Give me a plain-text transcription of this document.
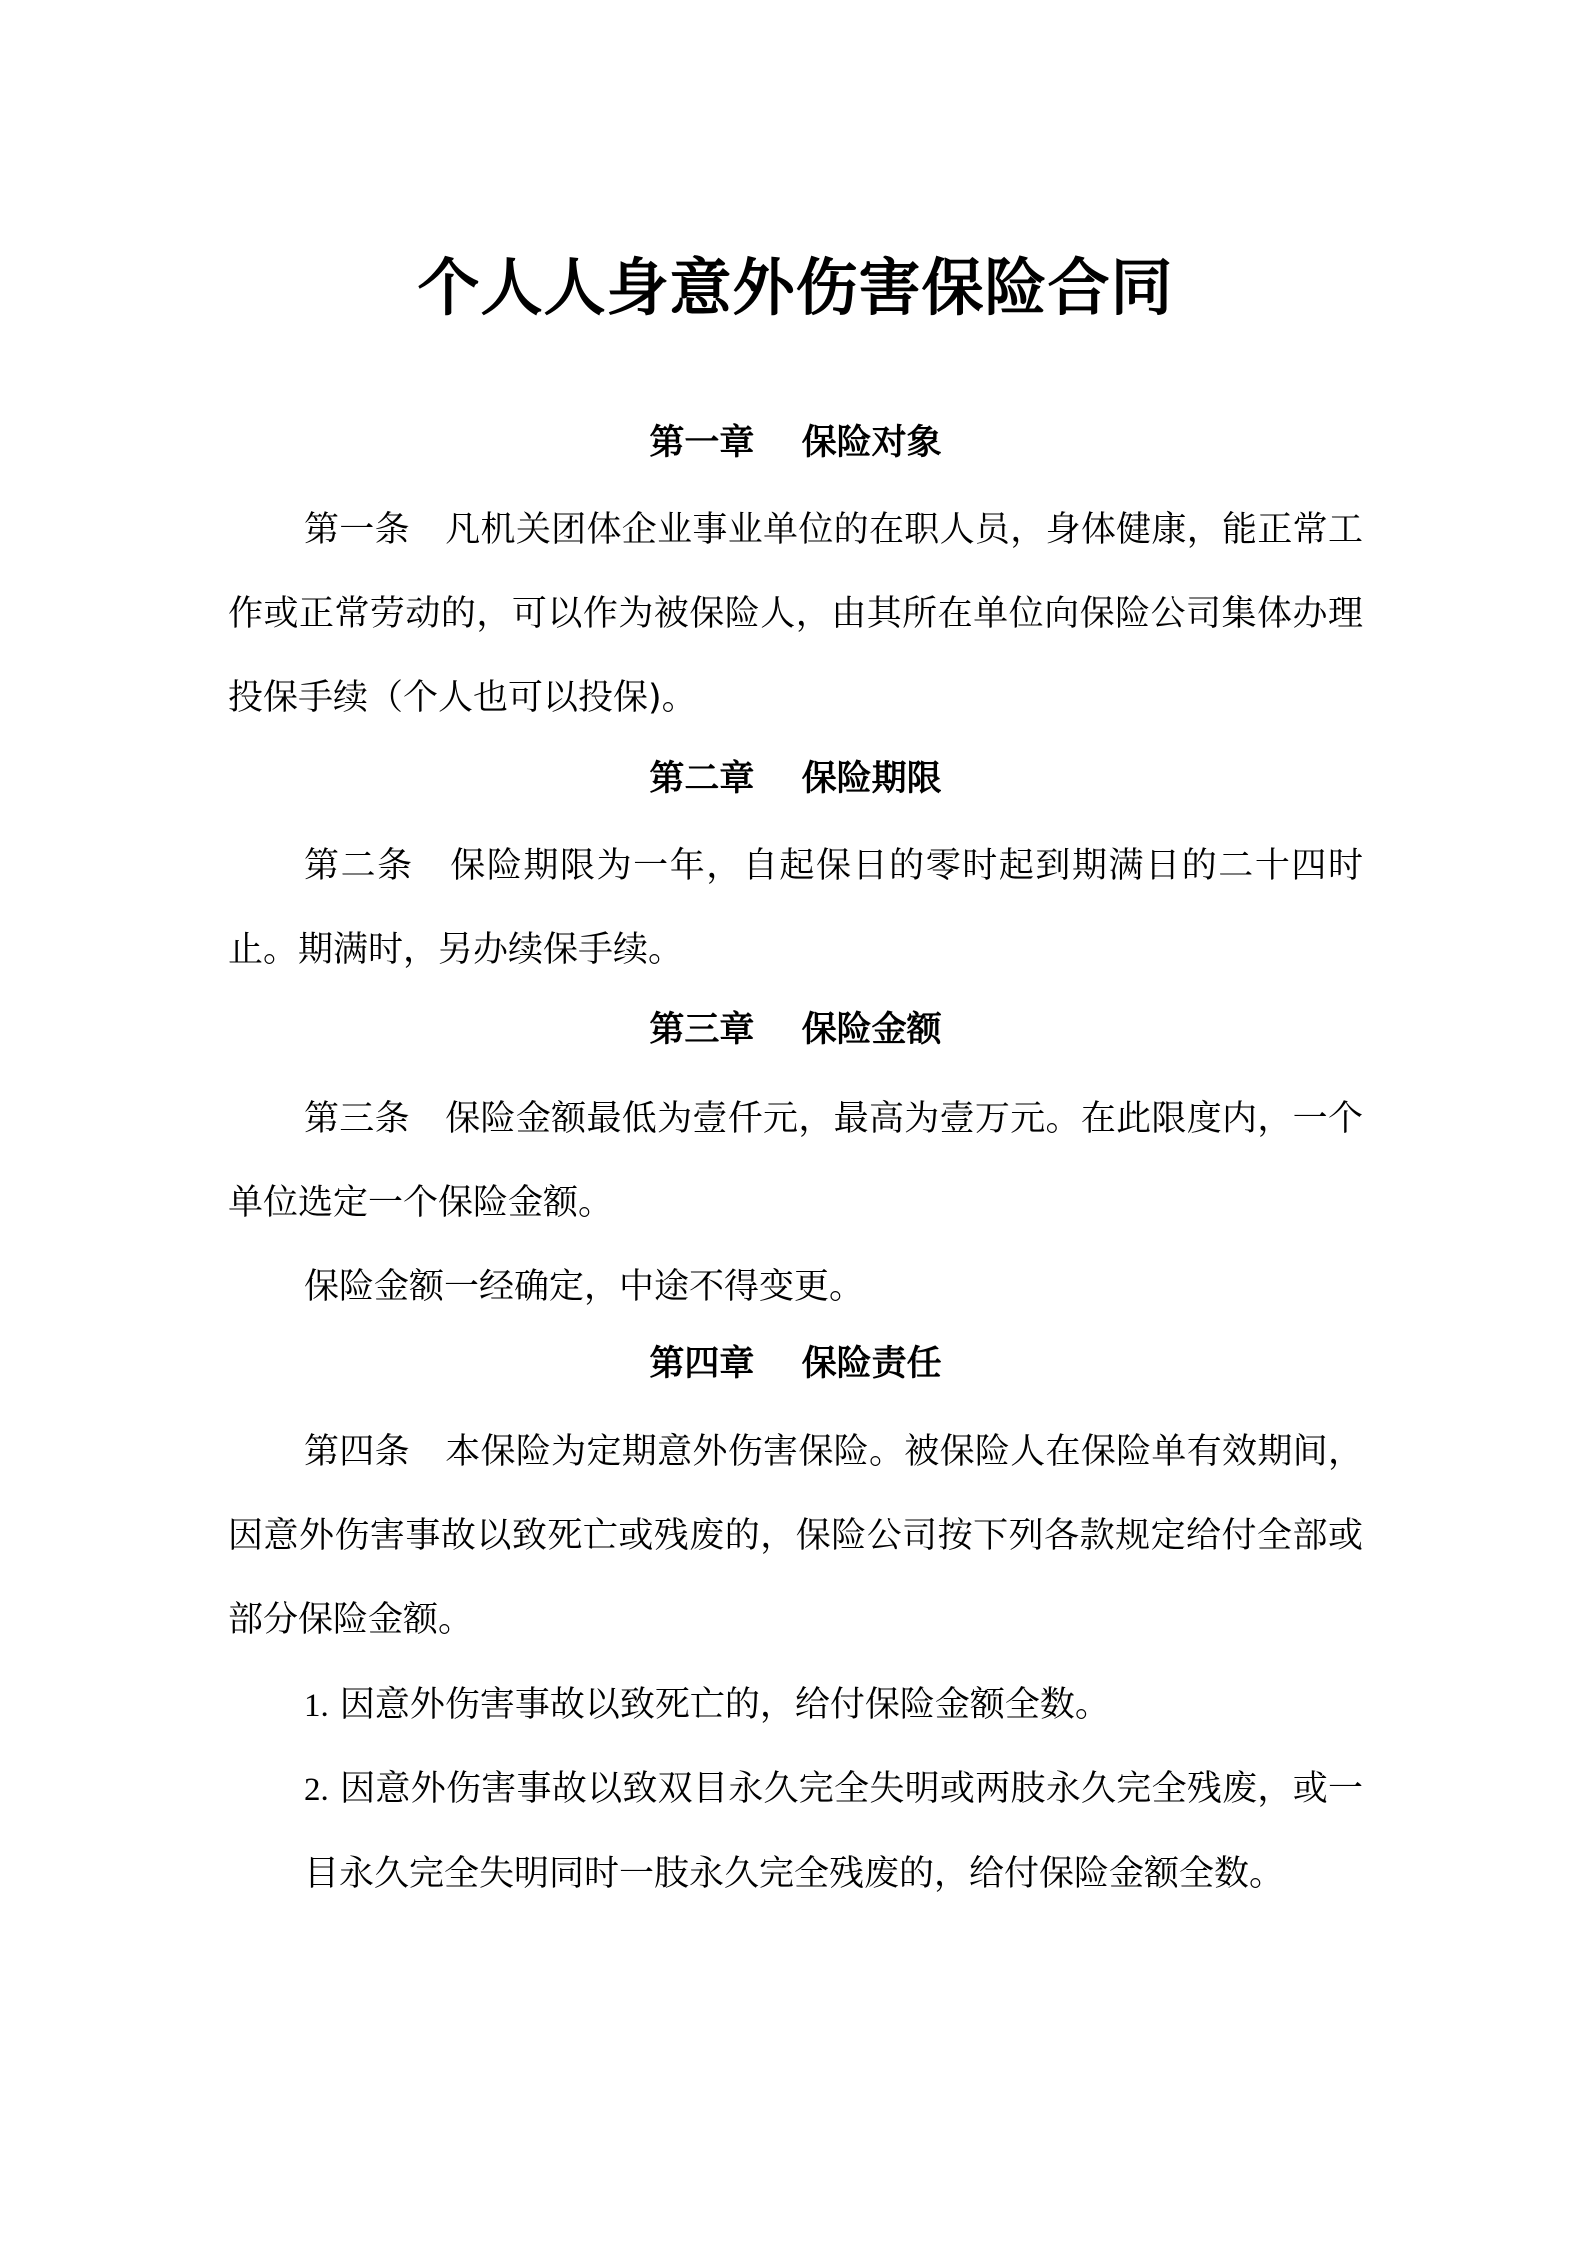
个人人身意外伤害保险合同
第一章　 保险对象

第一条　凡机关团体企业事业单位的在职人员，身体健康，能正常工作或正常劳动的，可以作为被保险人，由其所在单位向保险公司集体办理投保手续（个人也可以投保)。

第二章　 保险期限

第二条　保险期限为一年，自起保日的零时起到期满日的二十四时止。期满时，另办续保手续。

第三章　 保险金额

第三条　保险金额最低为壹仟元，最高为壹万元。在此限度内，一个单位选定一个保险金额。

保险金额一经确定，中途不得变更。

第四章　 保险责任

第四条　本保险为定期意外伤害保险。被保险人在保险单有效期间，因意外伤害事故以致死亡或残废的，保险公司按下列各款规定给付全部或部分保险金额。

1. 因意外伤害事故以致死亡的，给付保险金额全数。

2. 因意外伤害事故以致双目永久完全失明或两肢永久完全残废，或一目永久完全失明同时一肢永久完全残废的，给付保险金额全数。
